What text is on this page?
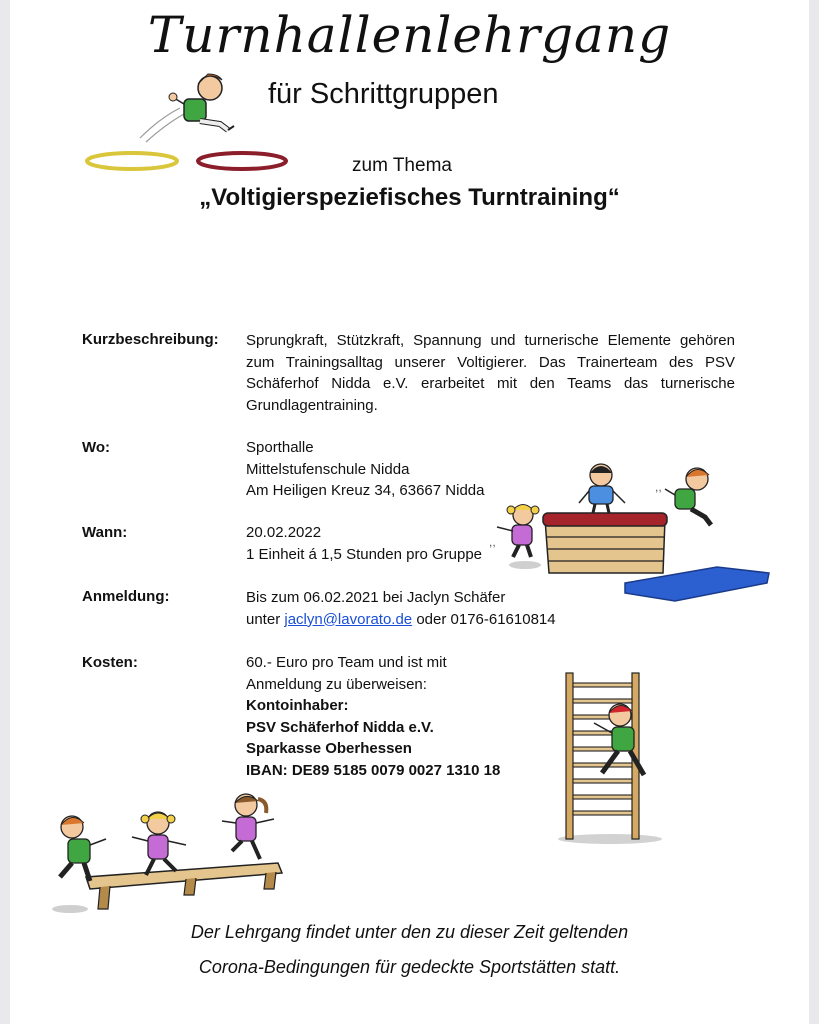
Turnhallenlehrgang
für Schrittgruppen
zum Thema
„Voltigierspeziefisches Turntraining“
Kurzbeschreibung: Sprungkraft, Stützkraft, Spannung und turnerische Elemente gehören zum Trainingsalltag unserer Voltigierer. Das Trainerteam des PSV Schäferhof Nidda e.V. erarbeitet mit den Teams das turnerische Grundlagentraining.
Wo:	Sporthalle
Mittelstufenschule Nidda
Am Heiligen Kreuz 34, 63667 Nidda
Wann:	20.02.2022
1 Einheit á 1,5 Stunden pro Gruppe
Anmeldung:	Bis zum 06.02.2021 bei Jaclyn Schäfer
unter jaclyn@lavorato.de oder 0176-61610814
Kosten:	60.- Euro pro Team und ist mit
Anmeldung zu überweisen:
Kontoinhaber:
PSV Schäferhof Nidda e.V.
Sparkasse Oberhessen
IBAN: DE89 5185 0079 0027 1310 18
,,
,,
Der Lehrgang findet unter den zu dieser Zeit geltenden
Corona-Bedingungen für gedeckte Sportstätten statt.
